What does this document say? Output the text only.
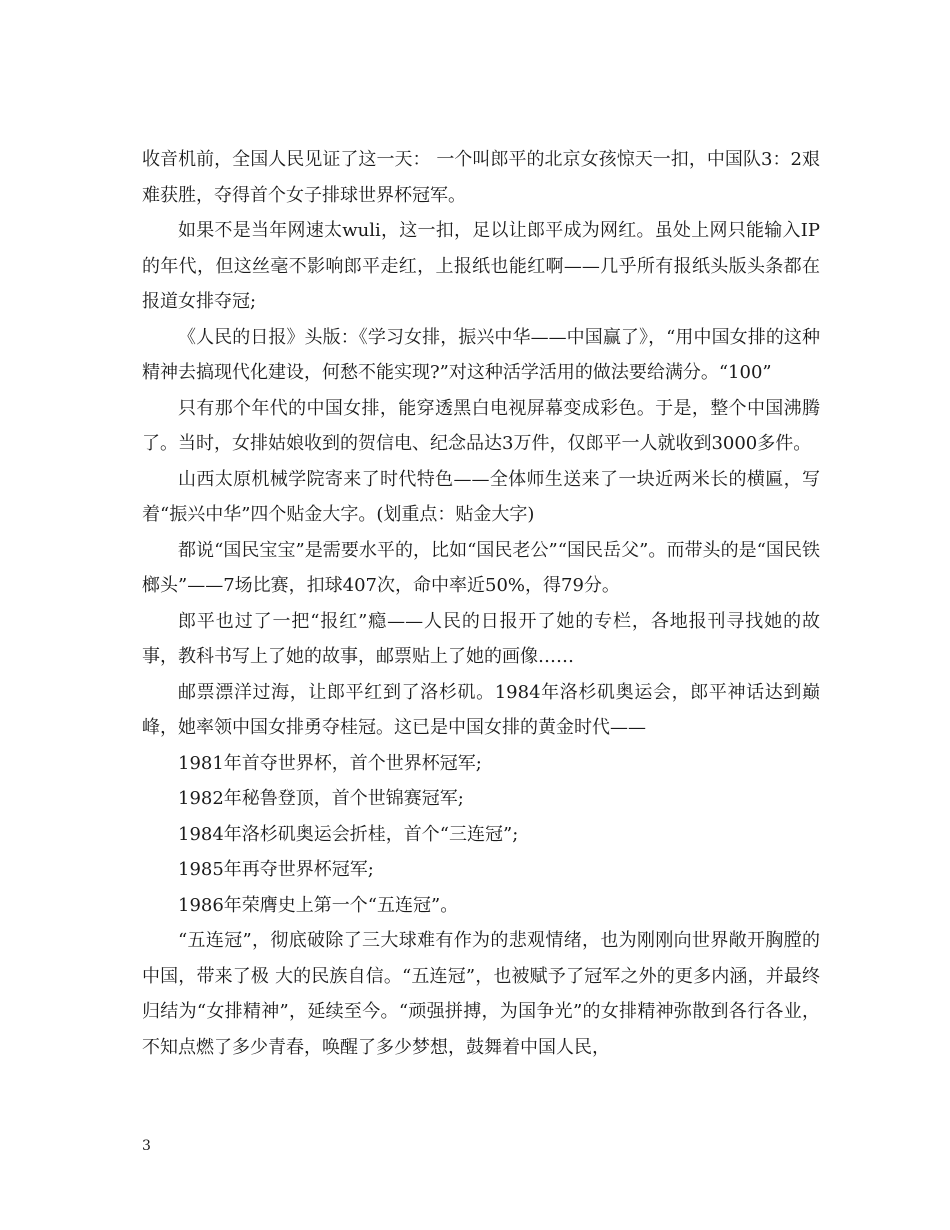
收音机前，全国人民见证了这一天： 一个叫郎平的北京女孩惊天一扣，中国队3：2艰难获胜，夺得首个女子排球世界杯冠军。

如果不是当年网速太wuli，这一扣，足以让郎平成为网红。虽处上网只能输入IP的年代，但这丝毫不影响郎平走红，上报纸也能红啊——几乎所有报纸头版头条都在报道女排夺冠;

《人民的日报》头版：《学习女排，振兴中华——中国赢了》，“用中国女排的这种精神去搞现代化建设，何愁不能实现?”对这种活学活用的做法要给满分。“100”

只有那个年代的中国女排，能穿透黑白电视屏幕变成彩色。于是，整个中国沸腾了。当时，女排姑娘收到的贺信电、纪念品达3万件，仅郎平一人就收到3000多件。

山西太原机械学院寄来了时代特色——全体师生送来了一块近两米长的横匾，写着“振兴中华”四个贴金大字。(划重点：贴金大字)

都说“国民宝宝”是需要水平的，比如“国民老公”“国民岳父”。而带头的是“国民铁榔头”——7场比赛，扣球407次，命中率近50%，得79分。

郎平也过了一把“报红”瘾——人民的日报开了她的专栏，各地报刊寻找她的故事，教科书写上了她的故事，邮票贴上了她的画像……

邮票漂洋过海，让郎平红到了洛杉矶。1984年洛杉矶奥运会，郎平神话达到巅峰，她率领中国女排勇夺桂冠。这已是中国女排的黄金时代——

1981年首夺世界杯，首个世界杯冠军;

1982年秘鲁登顶，首个世锦赛冠军;

1984年洛杉矶奥运会折桂，首个“三连冠”;

1985年再夺世界杯冠军;

1986年荣膺史上第一个“五连冠”。

“五连冠”，彻底破除了三大球难有作为的悲观情绪，也为刚刚向世界敞开胸膛的中国，带来了极 大的民族自信。“五连冠”，也被赋予了冠军之外的更多内涵，并最终归结为“女排精神”，延续至今。“顽强拼搏，为国争光”的女排精神弥散到各行各业，不知点燃了多少青春，唤醒了多少梦想，鼓舞着中国人民，

3
